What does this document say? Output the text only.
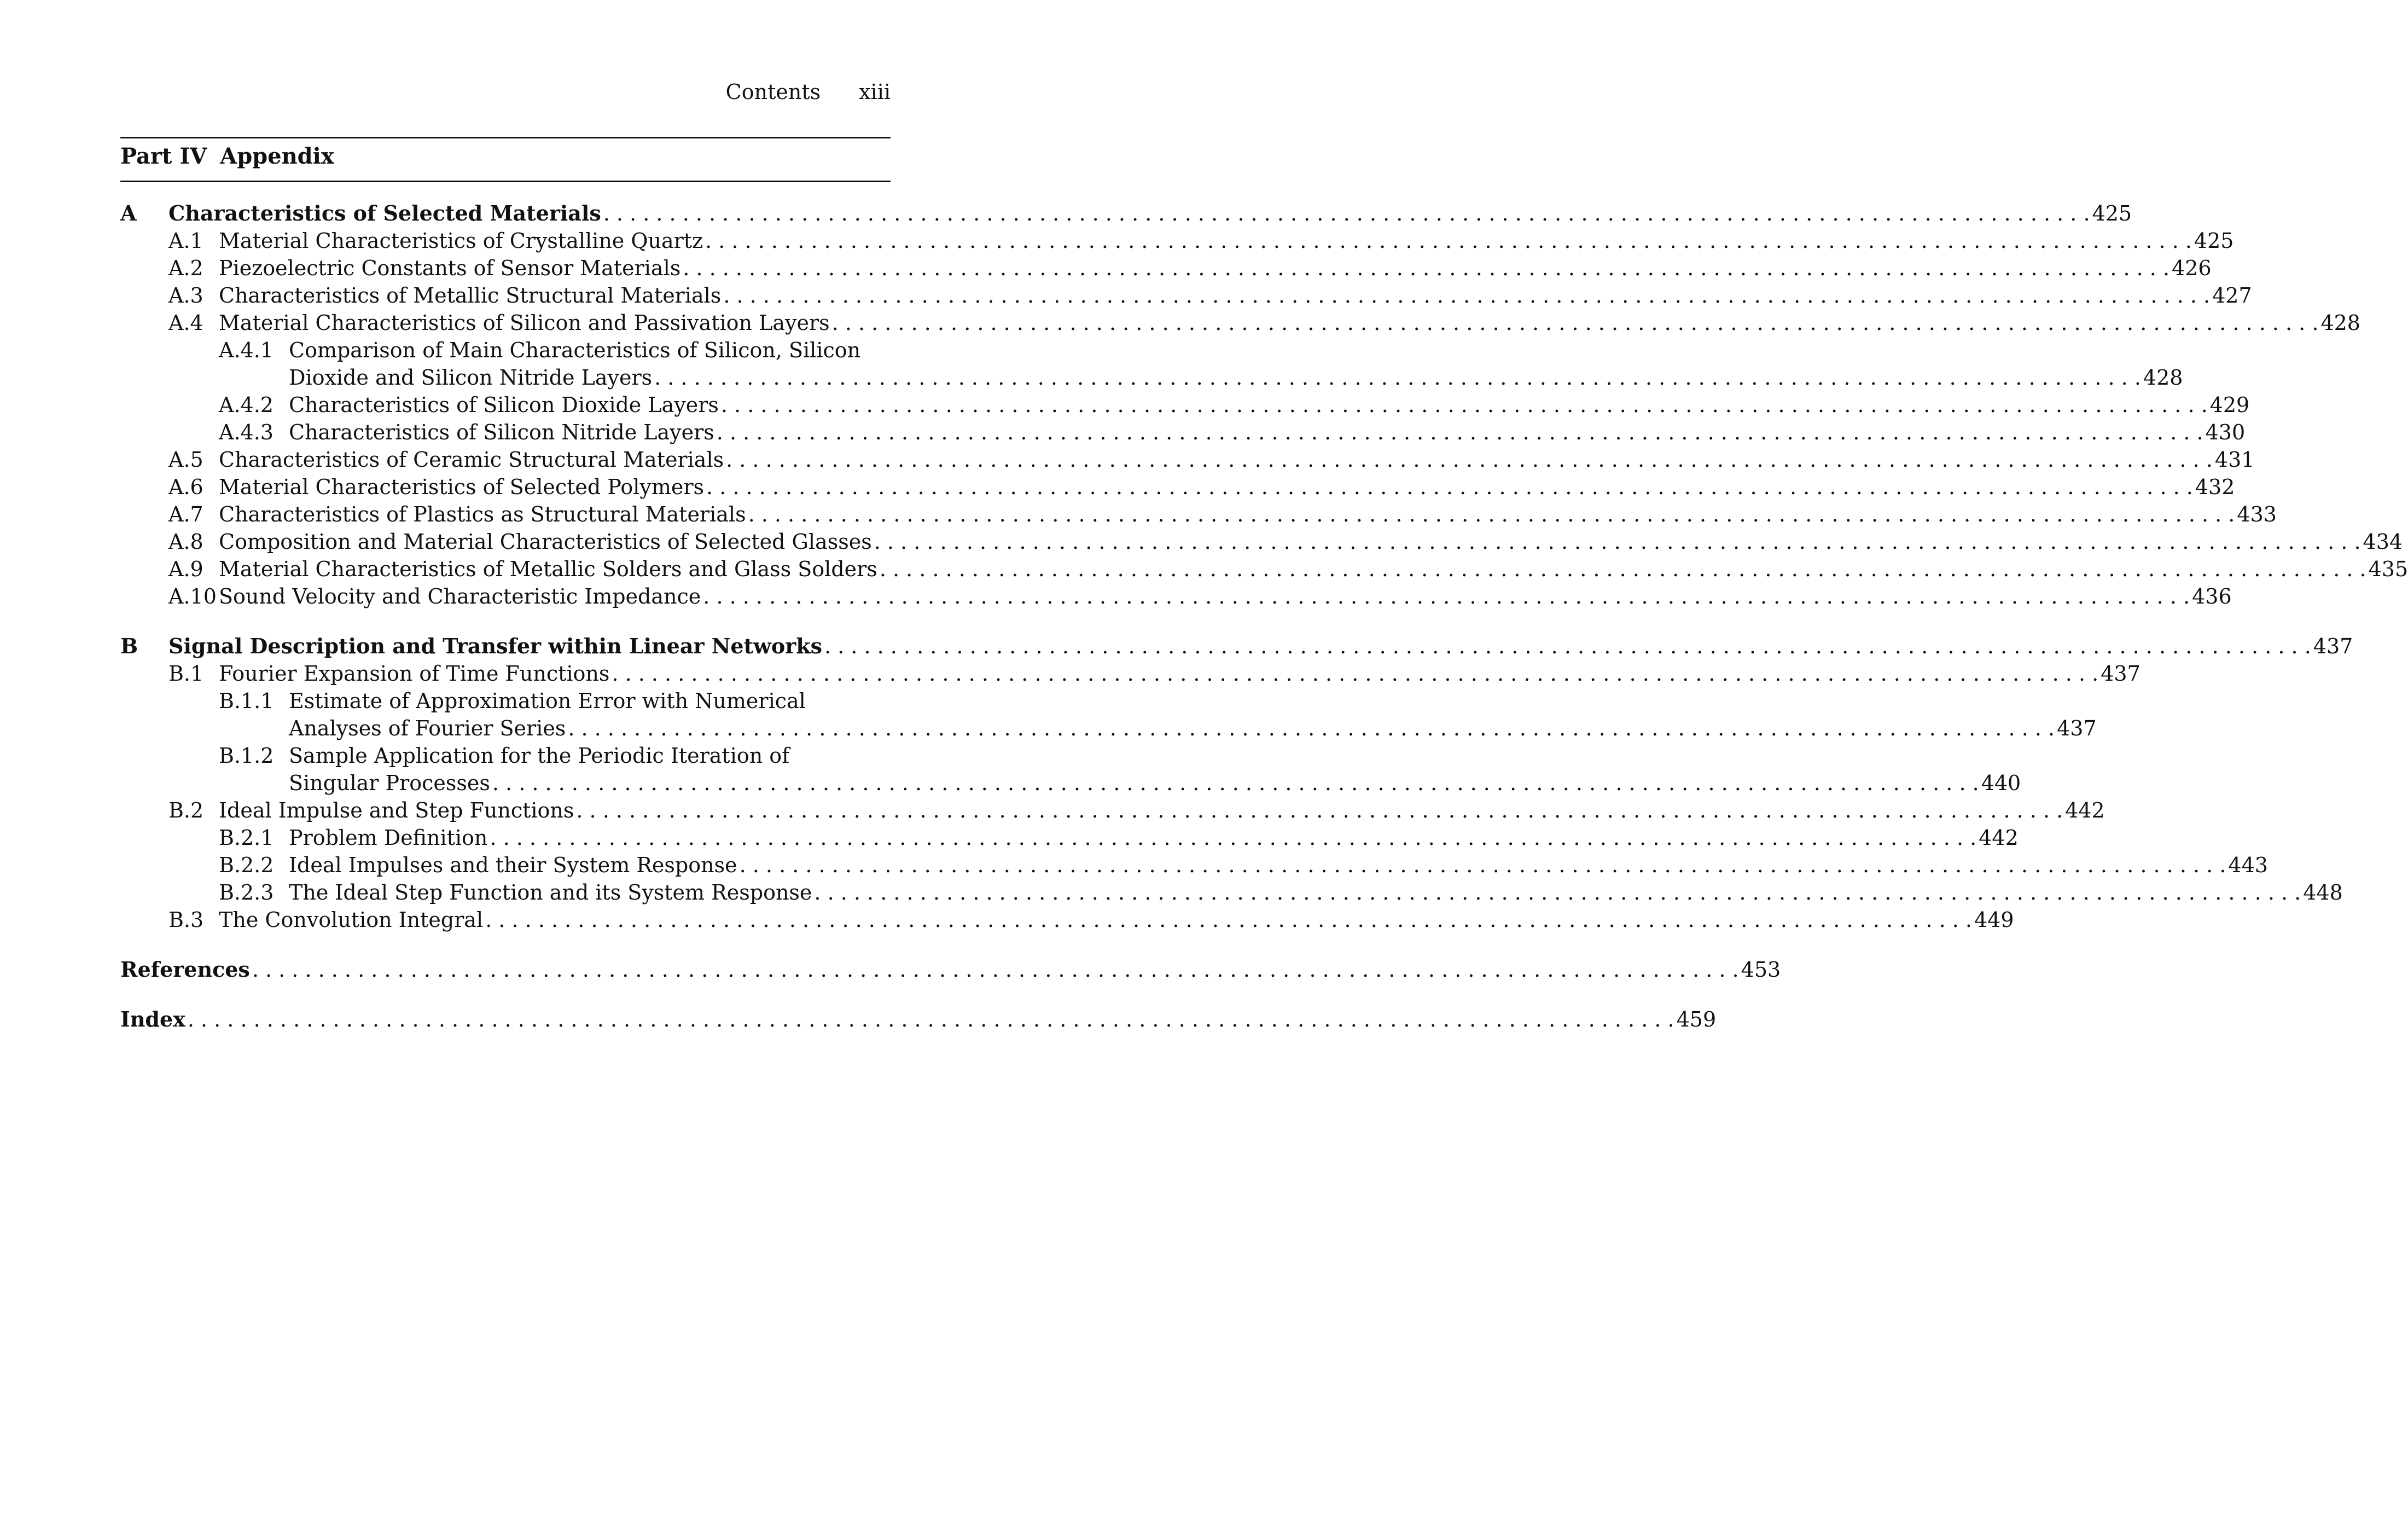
Contents xiii
Part IV Appendix
A	Characteristics of Selected Materials . . .	425
A.1 Material Characteristics of Crystalline Quartz . . .	425
A.2 Piezoelectric Constants of Sensor Materials . . .	426
A.3 Characteristics of Metallic Structural Materials . . .	427
A.4 Material Characteristics of Silicon and Passivation Layers . . .	428
A.4.1 Comparison of Main Characteristics of Silicon, Silicon
Dioxide and Silicon Nitride Layers . . .	428
A.4.2 Characteristics of Silicon Dioxide Layers . . .	429
A.4.3 Characteristics of Silicon Nitride Layers . . .	430
A.5 Characteristics of Ceramic Structural Materials . . .	431
A.6 Material Characteristics of Selected Polymers . . .	432
A.7 Characteristics of Plastics as Structural Materials . . .	433
A.8 Composition and Material Characteristics of Selected Glasses . . .	434
A.9 Material Characteristics of Metallic Solders and Glass Solders . . .	435
A.10 Sound Velocity and Characteristic Impedance . . .	436
B	Signal Description and Transfer within Linear Networks . . .	437
B.1 Fourier Expansion of Time Functions . . .	437
B.1.1 Estimate of Approximation Error with Numerical
Analyses of Fourier Series . . .	437
B.1.2 Sample Application for the Periodic Iteration of
Singular Processes . . .	440
B.2 Ideal Impulse and Step Functions . . .	442
B.2.1 Problem Definition . . .	442
B.2.2 Ideal Impulses and their System Response . . .	443
B.2.3 The Ideal Step Function and its System Response . . .	448
B.3 The Convolution Integral . . .	449
References . . .	453
Index . . .	459
